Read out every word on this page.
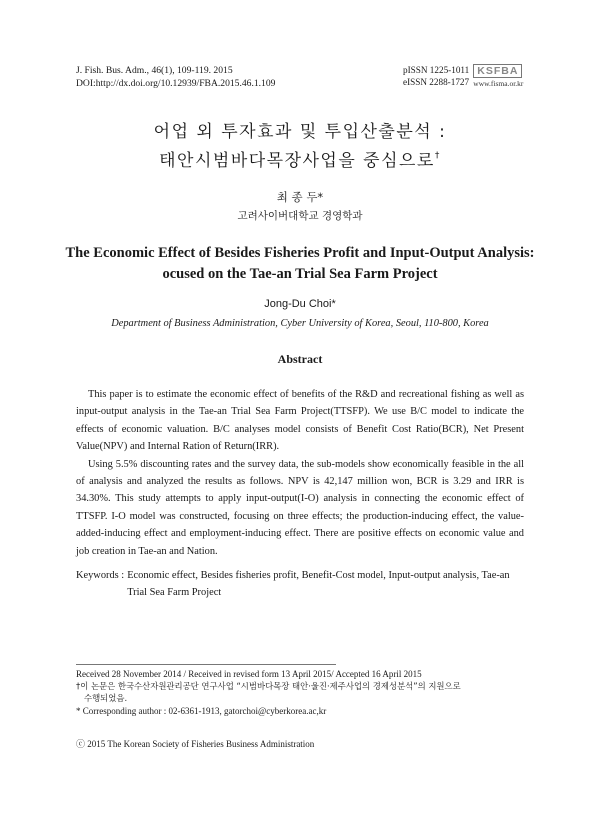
J. Fish. Bus. Adm., 46(1), 109-119. 2015
DOI:http://dx.doi.org/10.12939/FBA.2015.46.1.109
pISSN 1225-1011
eISSN 2288-1727
KSFBA
www.fisma.or.kr
어업 외 투자효과 및 투입산출분석 :
태안시범바다목장사업을 중심으로†
최 종 두*
고려사이버대학교 경영학과
The Economic Effect of Besides Fisheries Profit and Input-Output Analysis:
ocused on the Tae-an Trial Sea Farm Project
Jong-Du Choi*
Department of Business Administration, Cyber University of Korea, Seoul, 110-800, Korea
Abstract

This paper is to estimate the economic effect of benefits of the R&D and recreational fishing as well as input-output analysis in the Tae-an Trial Sea Farm Project(TTSFP). We use B/C model to indicate the effects of economic valuation. B/C analyses model consists of Benefit Cost Ratio(BCR), Net Present Value(NPV) and Internal Ration of Return(IRR).

Using 5.5% discounting rates and the survey data, the sub-models show economically feasible in the all of analysis and analyzed the results as follows. NPV is 42,147 million won, BCR is 3.29 and IRR is 34.30%. This study attempts to apply input-output(I-O) analysis in connecting the economic effect of TTSFP. I-O model was constructed, focusing on three effects; the production-inducing effect, the value-added-inducing effect and employment-inducing effect. There are positive effects on economic value and job creation in Tae-an and Nation.

Keywords : Economic effect, Besides fisheries profit, Benefit-Cost model, Input-output analysis, Tae-an Trial Sea Farm Project
Received 28 November 2014 / Received in revised form 13 April 2015/ Accepted 16 April 2015
†이 논문은 한국수산자원관리공단 연구사업 “시범바다목장 태안·울진·제주사업의 경제성분석”의 지원으로
수행되었음.
* Corresponding author : 02-6361-1913, gatorchoi@cyberkorea.ac,kr
ⓒ 2015 The Korean Society of Fisheries Business Administration
